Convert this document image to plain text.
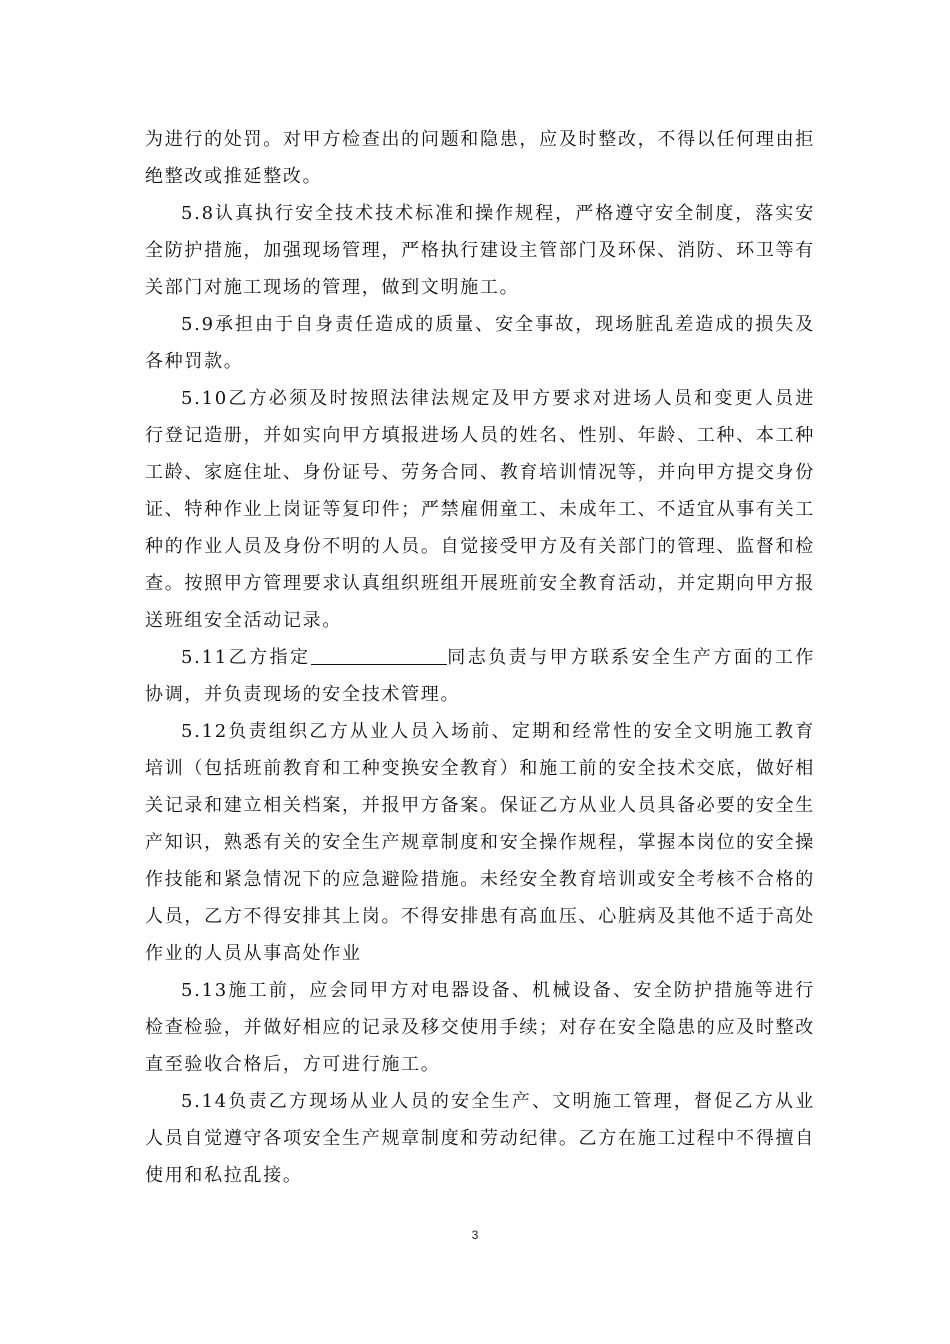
为进行的处罚。对甲方检查出的问题和隐患，应及时整改，不得以任何理由拒绝整改或推延整改。

5.8认真执行安全技术技术标准和操作规程，严格遵守安全制度，落实安全防护措施，加强现场管理，严格执行建设主管部门及环保、消防、环卫等有关部门对施工现场的管理，做到文明施工。

5.9承担由于自身责任造成的质量、安全事故，现场脏乱差造成的损失及各种罚款。

5.10乙方必须及时按照法律法规定及甲方要求对进场人员和变更人员进行登记造册，并如实向甲方填报进场人员的姓名、性别、年龄、工种、本工种工龄、家庭住址、身份证号、劳务合同、教育培训情况等，并向甲方提交身份证、特种作业上岗证等复印件；严禁雇佣童工、未成年工、不适宜从事有关工种的作业人员及身份不明的人员。自觉接受甲方及有关部门的管理、监督和检查。按照甲方管理要求认真组织班组开展班前安全教育活动，并定期向甲方报送班组安全活动记录。

5.11乙方指定	同志负责与甲方联系安全生产方面的工作协调，并负责现场的安全技术管理。

5.12负责组织乙方从业人员入场前、定期和经常性的安全文明施工教育培训（包括班前教育和工种变换安全教育）和施工前的安全技术交底，做好相关记录和建立相关档案，并报甲方备案。保证乙方从业人员具备必要的安全生产知识，熟悉有关的安全生产规章制度和安全操作规程，掌握本岗位的安全操作技能和紧急情况下的应急避险措施。未经安全教育培训或安全考核不合格的人员，乙方不得安排其上岗。不得安排患有高血压、心脏病及其他不适于高处作业的人员从事高处作业

5.13施工前，应会同甲方对电器设备、机械设备、安全防护措施等进行检查检验，并做好相应的记录及移交使用手续；对存在安全隐患的应及时整改直至验收合格后，方可进行施工。

5.14负责乙方现场从业人员的安全生产、文明施工管理，督促乙方从业人员自觉遵守各项安全生产规章制度和劳动纪律。乙方在施工过程中不得擅自使用和私拉乱接。

3
